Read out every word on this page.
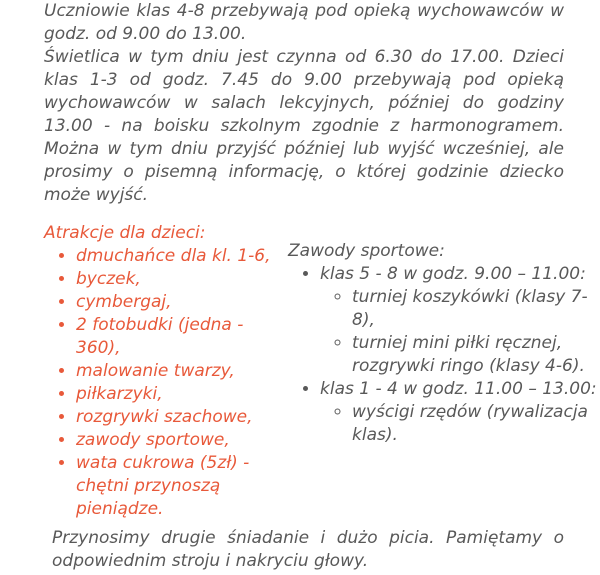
Uczniowie klas 4-8 przebywają pod opieką wychowawców w godz. od 9.00 do 13.00.

Świetlica w tym dniu jest czynna od 6.30 do 17.00. Dzieci klas 1-3 od godz. 7.45 do 9.00 przebywają pod opieką wychowawców w salach lekcyjnych, później do godziny 13.00 - na boisku szkolnym zgodnie z harmonogramem. Można w tym dniu przyjść później lub wyjść wcześniej, ale prosimy o pisemną informację, o której godzinie dziecko może wyjść.

Atrakcje dla dzieci:

• dmuchańce dla kl. 1-6,
• byczek,
• cymbergaj,
• 2 fotobudki (jedna - 360),
• malowanie twarzy,
• piłkarzyki,
• rozgrywki szachowe,
• zawody sportowe,
• wata cukrowa (5zł) - chętni przynoszą pieniądze.

Zawody sportowe:

• klas 5 - 8 w godz. 9.00 – 11.00:
◦ turniej koszykówki (klasy 7-8),
◦ turniej mini piłki ręcznej, rozgrywki ringo (klasy 4-6).
• klas 1 - 4 w godz. 11.00 – 13.00:
◦ wyścigi rzędów (rywalizacja klas).

Przynosimy drugie śniadanie i dużo picia. Pamiętamy o odpowiednim stroju i nakryciu głowy.
